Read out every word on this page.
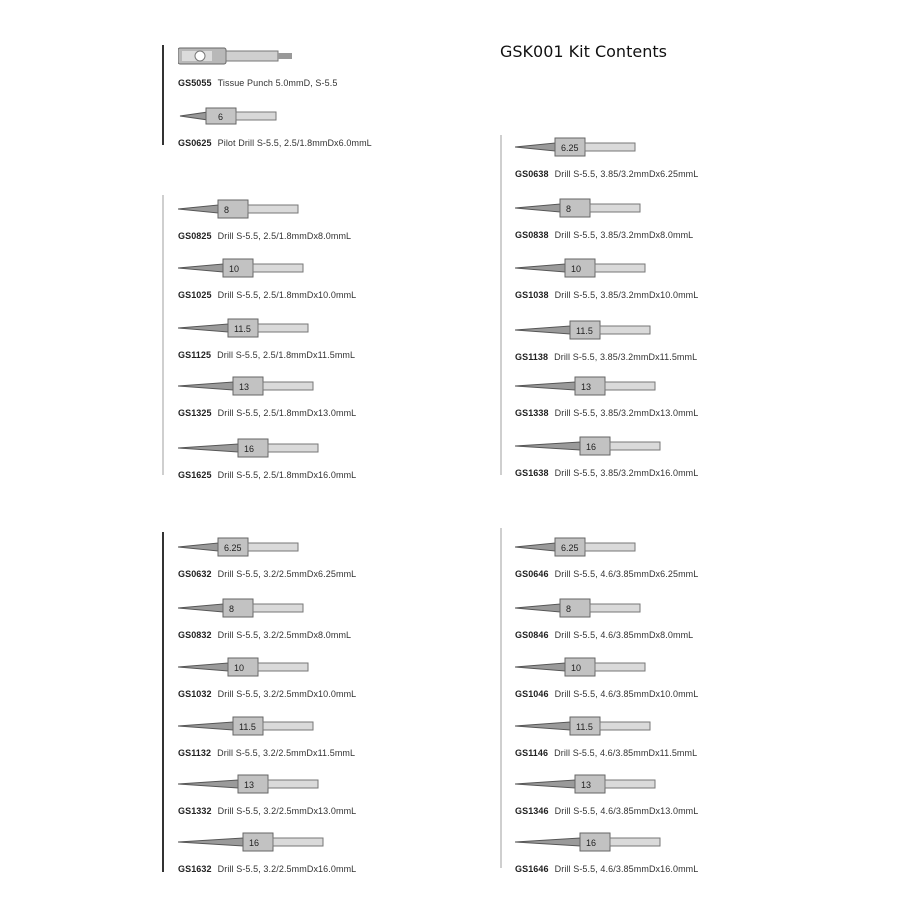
GSK001 Kit Contents
GS5055 Tissue Punch 5.0mmD, S-5.5
6
GS0625 Pilot Drill S-5.5, 2.5/1.8mmDx6.0mmL
8
GS0825 Drill S-5.5, 2.5/1.8mmDx8.0mmL
10
GS1025 Drill S-5.5, 2.5/1.8mmDx10.0mmL
11.5
GS1125 Drill S-5.5, 2.5/1.8mmDx11.5mmL
13
GS1325 Drill S-5.5, 2.5/1.8mmDx13.0mmL
16
GS1625 Drill S-5.5, 2.5/1.8mmDx16.0mmL
6.25
GS0638 Drill S-5.5, 3.85/3.2mmDx6.25mmL
8
GS0838 Drill S-5.5, 3.85/3.2mmDx8.0mmL
10
GS1038 Drill S-5.5, 3.85/3.2mmDx10.0mmL
11.5
GS1138 Drill S-5.5, 3.85/3.2mmDx11.5mmL
13
GS1338 Drill S-5.5, 3.85/3.2mmDx13.0mmL
16
GS1638 Drill S-5.5, 3.85/3.2mmDx16.0mmL
6.25
GS0632 Drill S-5.5, 3.2/2.5mmDx6.25mmL
8
GS0832 Drill S-5.5, 3.2/2.5mmDx8.0mmL
10
GS1032 Drill S-5.5, 3.2/2.5mmDx10.0mmL
11.5
GS1132 Drill S-5.5, 3.2/2.5mmDx11.5mmL
13
GS1332 Drill S-5.5, 3.2/2.5mmDx13.0mmL
16
GS1632 Drill S-5.5, 3.2/2.5mmDx16.0mmL
6.25
GS0646 Drill S-5.5, 4.6/3.85mmDx6.25mmL
8
GS0846 Drill S-5.5, 4.6/3.85mmDx8.0mmL
10
GS1046 Drill S-5.5, 4.6/3.85mmDx10.0mmL
11.5
GS1146 Drill S-5.5, 4.6/3.85mmDx11.5mmL
13
GS1346 Drill S-5.5, 4.6/3.85mmDx13.0mmL
16
GS1646 Drill S-5.5, 4.6/3.85mmDx16.0mmL
